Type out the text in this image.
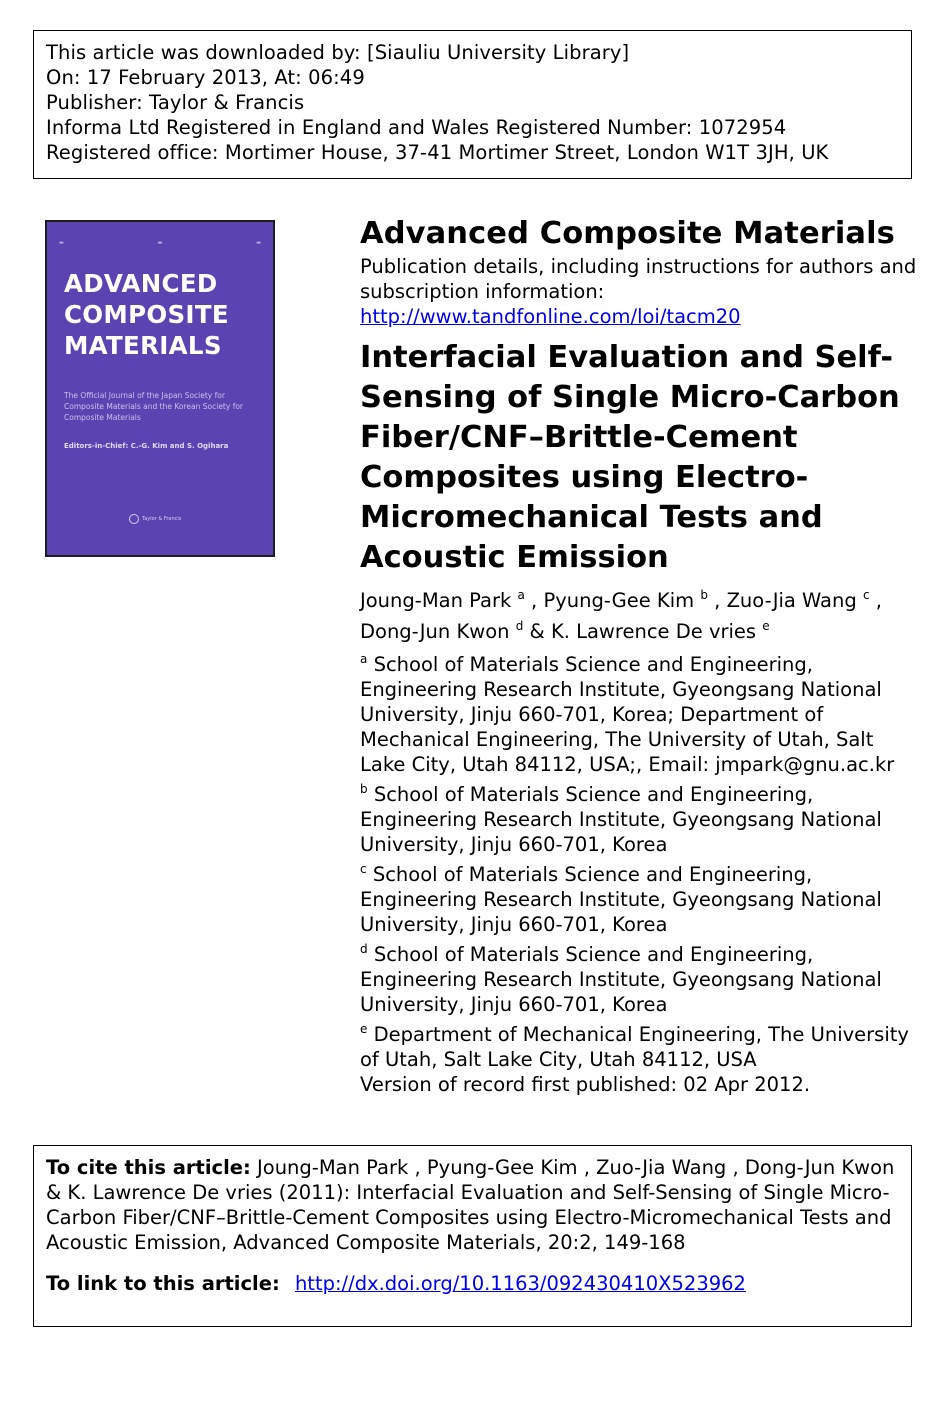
This article was downloaded by: [Siauliu University Library]
On: 17 February 2013, At: 06:49
Publisher: Taylor & Francis
Informa Ltd Registered in England and Wales Registered Number: 1072954
Registered office: Mortimer House, 37-41 Mortimer Street, London W1T 3JH, UK
▬	▬	▬
ADVANCED
COMPOSITE
MATERIALS
The Official Journal of the Japan Society for Composite Materials and the Korean Society for Composite Materials
Editors-in-Chief: C.-G. Kim and S. Ogihara
Taylor & Francis
Advanced Composite Materials
Publication details, including instructions for authors and subscription information:
http://www.tandfonline.com/loi/tacm20
Interfacial Evaluation and Self-Sensing of Single Micro-Carbon Fiber/CNF–Brittle-Cement Composites using Electro-Micromechanical Tests and Acoustic Emission
Joung-Man Park $^a$ , Pyung-Gee Kim $^b$ , Zuo-Jia Wang $^c$ ,
Dong-Jun Kwon $^d$ & K. Lawrence De vries $^e$
$^a$ School of Materials Science and Engineering, Engineering Research Institute, Gyeongsang National University, Jinju 660-701, Korea; Department of Mechanical Engineering, The University of Utah, Salt Lake City, Utah 84112, USA;, Email: jmpark@gnu.ac.kr
$^b$ School of Materials Science and Engineering, Engineering Research Institute, Gyeongsang National University, Jinju 660-701, Korea
$^c$ School of Materials Science and Engineering, Engineering Research Institute, Gyeongsang National University, Jinju 660-701, Korea
$^d$ School of Materials Science and Engineering, Engineering Research Institute, Gyeongsang National University, Jinju 660-701, Korea
$^e$ Department of Mechanical Engineering, The University of Utah, Salt Lake City, Utah 84112, USA
Version of record first published: 02 Apr 2012.
To cite this article: Joung-Man Park , Pyung-Gee Kim , Zuo-Jia Wang , Dong-Jun Kwon & K. Lawrence De vries (2011): Interfacial Evaluation and Self-Sensing of Single Micro-Carbon Fiber/CNF–Brittle-Cement Composites using Electro-Micromechanical Tests and Acoustic Emission, Advanced Composite Materials, 20:2, 149-168
To link to this article: http://dx.doi.org/10.1163/092430410X523962
